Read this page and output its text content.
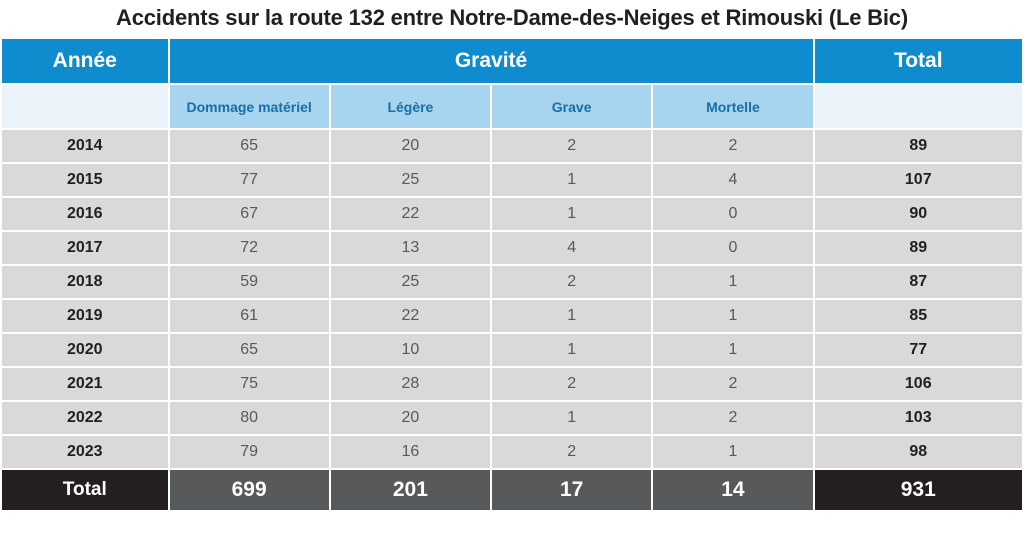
Accidents sur la route 132 entre Notre-Dame-des-Neiges et Rimouski (Le Bic)
Année	Gravité				Total
	Dommage matériel	Légère	Grave	Mortelle	
2014	65	20	2	2	89
2015	77	25	1	4	107
2016	67	22	1	0	90
2017	72	13	4	0	89
2018	59	25	2	1	87
2019	61	22	1	1	85
2020	65	10	1	1	77
2021	75	28	2	2	106
2022	80	20	1	2	103
2023	79	16	2	1	98
Total	699	201	17	14	931
